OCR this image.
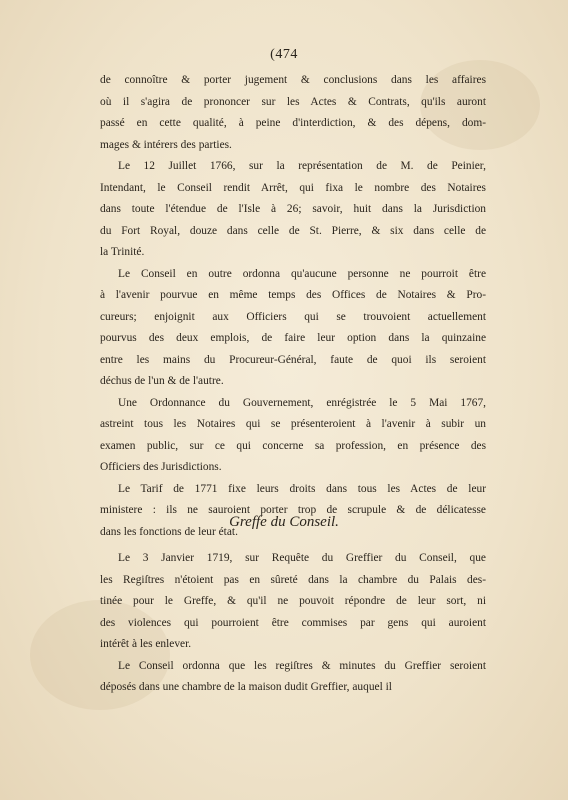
(474
de connoître & porter jugement & conclusions dans les affaires
où il s'agira de prononcer sur les Actes & Contrats, qu'ils auront
passé en cette qualité, à peine d'interdiction, & des dépens, dom-
mages & intérers des parties.
Le 12 Juillet 1766, sur la représentation de M. de Peinier,
Intendant, le Conseil rendit Arrêt, qui fixa le nombre des Notaires
dans toute l'étendue de l'Isle à 26; savoir, huit dans la Jurisdiction
du Fort Royal, douze dans celle de St. Pierre, & six dans celle de
la Trinité.
Le Conseil en outre ordonna qu'aucune personne ne pourroit être
à l'avenir pourvue en même temps des Offices de Notaires & Pro-
cureurs; enjoignit aux Officiers qui se trouvoient actuellement
pourvus des deux emplois, de faire leur option dans la quinzaine
entre les mains du Procureur-Général, faute de quoi ils seroient
déchus de l'un & de l'autre.
Une Ordonnance du Gouvernement, enrégistrée le 5 Mai 1767,
astreint tous les Notaires qui se présenteroient à l'avenir à subir un
examen public, sur ce qui concerne sa profession, en présence des
Officiers des Jurisdictions.
Le Tarif de 1771 fixe leurs droits dans tous les Actes de leur
ministere : ils ne sauroient porter trop de scrupule & de délicatesse
dans les fonctions de leur état.
Greffe du Conseil.
Le 3 Janvier 1719, sur Requête du Greffier du Conseil, que
les Regiſtres n'étoient pas en sûreté dans la chambre du Palais des-
tinée pour le Greffe, & qu'il ne pouvoit répondre de leur sort, ni
des violences qui pourroient être commises par gens qui auroient
intérêt à les enlever.
Le Conseil ordonna que les regiſtres & minutes du Greffier seroient
déposés dans une chambre de la maison dudit Greffier, auquel il
